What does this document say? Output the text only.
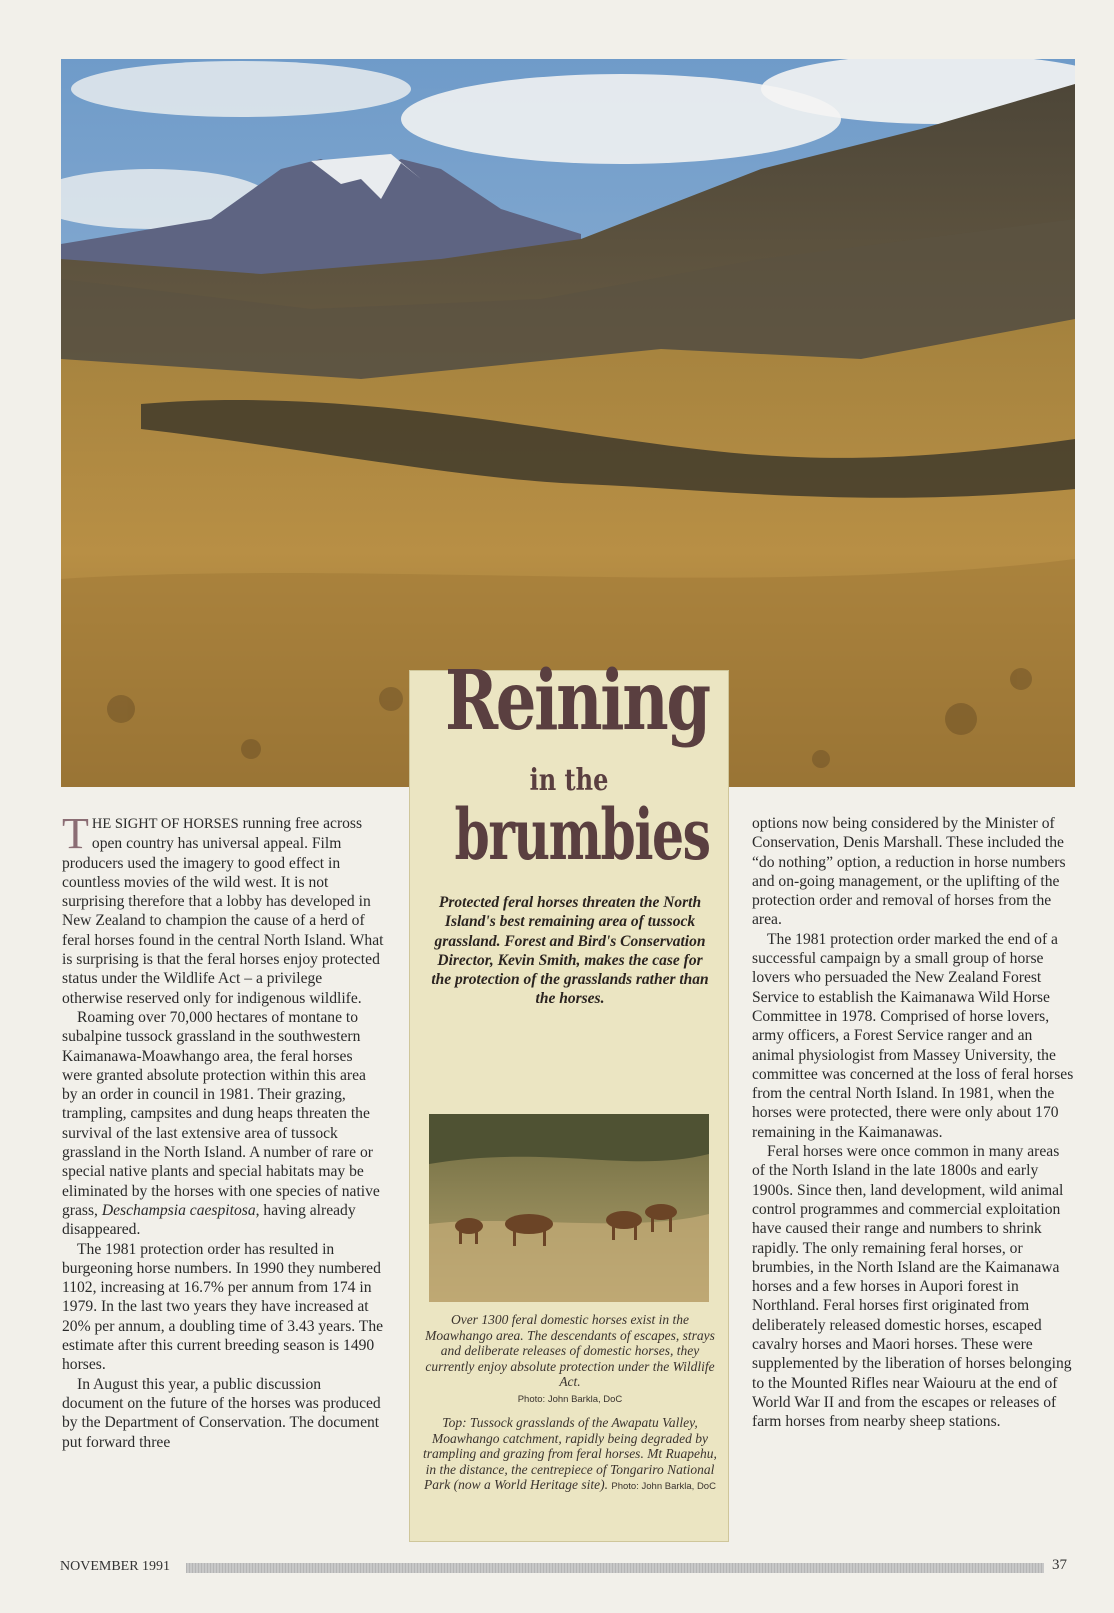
THE SIGHT OF HORSES running free across open country has universal appeal. Film producers used the imagery to good effect in countless movies of the wild west. It is not surprising therefore that a lobby has developed in New Zealand to champion the cause of a herd of feral horses found in the central North Island. What is surprising is that the feral horses enjoy protected status under the Wildlife Act – a privilege otherwise reserved only for indigenous wildlife.

Roaming over 70,000 hectares of montane to subalpine tussock grassland in the southwestern Kaimanawa-Moawhango area, the feral horses were granted absolute protection within this area by an order in council in 1981. Their grazing, trampling, campsites and dung heaps threaten the survival of the last extensive area of tussock grassland in the North Island. A number of rare or special native plants and special habitats may be eliminated by the horses with one species of native grass, Deschampsia caespitosa, having already disappeared.

The 1981 protection order has resulted in burgeoning horse numbers. In 1990 they numbered 1102, increasing at 16.7% per annum from 174 in 1979. In the last two years they have increased at 20% per annum, a doubling time of 3.43 years. The estimate after this current breeding season is 1490 horses.

In August this year, a public discussion document on the future of the horses was produced by the Department of Conservation. The document put forward three

Reining
in the
brumbies
Protected feral horses threaten the North Island's best remaining area of tussock grassland. Forest and Bird's Conservation Director, Kevin Smith, makes the case for the protection of the grasslands rather than the horses.
Over 1300 feral domestic horses exist in the Moawhango area. The descendants of escapes, strays and deliberate releases of domestic horses, they currently enjoy absolute protection under the Wildlife Act.
Photo: John Barkla, DoC
Top: Tussock grasslands of the Awapatu Valley, Moawhango catchment, rapidly being degraded by trampling and grazing from feral horses. Mt Ruapehu, in the distance, the centrepiece of Tongariro National Park (now a World Heritage site). Photo: John Barkla, DoC

options now being considered by the Minister of Conservation, Denis Marshall. These included the “do nothing” option, a reduction in horse numbers and on-going management, or the uplifting of the protection order and removal of horses from the area.

The 1981 protection order marked the end of a successful campaign by a small group of horse lovers who persuaded the New Zealand Forest Service to establish the Kaimanawa Wild Horse Committee in 1978. Comprised of horse lovers, army officers, a Forest Service ranger and an animal physiologist from Massey University, the committee was concerned at the loss of feral horses from the central North Island. In 1981, when the horses were protected, there were only about 170 remaining in the Kaimanawas.

Feral horses were once common in many areas of the North Island in the late 1800s and early 1900s. Since then, land development, wild animal control programmes and commercial exploitation have caused their range and numbers to shrink rapidly. The only remaining feral horses, or brumbies, in the North Island are the Kaimanawa horses and a few horses in Aupori forest in Northland. Feral horses first originated from deliberately released domestic horses, escaped cavalry horses and Maori horses. These were supplemented by the liberation of horses belonging to the Mounted Rifles near Waiouru at the end of World War II and from the escapes or releases of farm horses from nearby sheep stations.

NOVEMBER 1991	37
